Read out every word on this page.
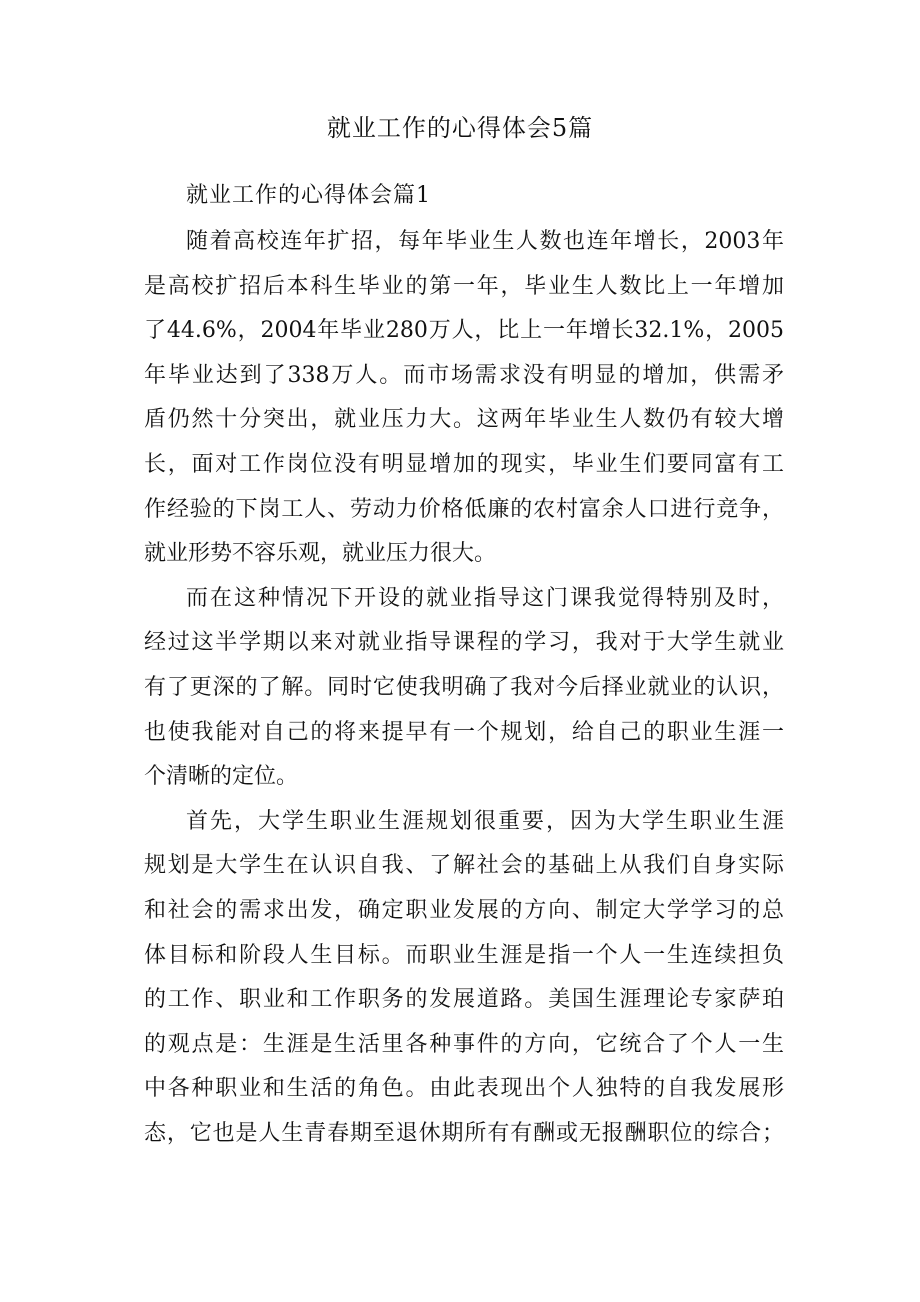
就业工作的心得体会5篇
就业工作的心得体会篇1
随着高校连年扩招，每年毕业生人数也连年增长，2003年
是高校扩招后本科生毕业的第一年，毕业生人数比上一年增加
了44.6%，2004年毕业280万人，比上一年增长32.1%，2005
年毕业达到了338万人。而市场需求没有明显的增加，供需矛
盾仍然十分突出，就业压力大。这两年毕业生人数仍有较大增
长，面对工作岗位没有明显增加的现实，毕业生们要同富有工
作经验的下岗工人、劳动力价格低廉的农村富余人口进行竞争，
就业形势不容乐观，就业压力很大。
而在这种情况下开设的就业指导这门课我觉得特别及时，
经过这半学期以来对就业指导课程的学习，我对于大学生就业
有了更深的了解。同时它使我明确了我对今后择业就业的认识，
也使我能对自己的将来提早有一个规划，给自己的职业生涯一
个清晰的定位。
首先，大学生职业生涯规划很重要，因为大学生职业生涯
规划是大学生在认识自我、了解社会的基础上从我们自身实际
和社会的需求出发，确定职业发展的方向、制定大学学习的总
体目标和阶段人生目标。而职业生涯是指一个人一生连续担负
的工作、职业和工作职务的发展道路。美国生涯理论专家萨珀
的观点是：生涯是生活里各种事件的方向，它统合了个人一生
中各种职业和生活的角色。由此表现出个人独特的自我发展形
态，它也是人生青春期至退休期所有有酬或无报酬职位的综合；
